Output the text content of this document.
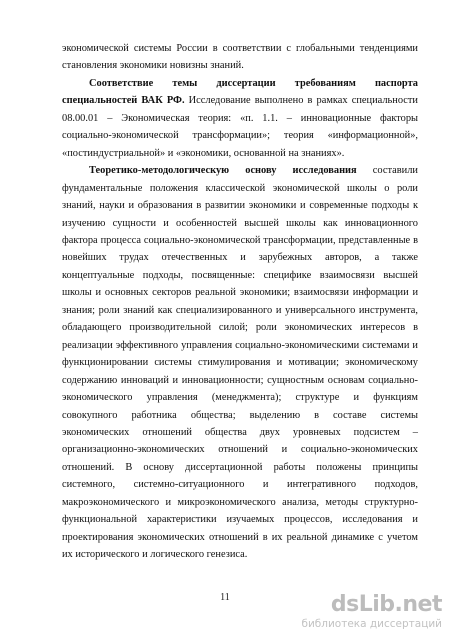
экономической системы России в соответствии с глобальными тенденциями становления экономики новизны знаний.

Соответствие темы диссертации требованиям паспорта специальностей ВАК РФ. Исследование выполнено в рамках специальности 08.00.01 – Экономическая теория: «п. 1.1. – инновационные факторы социально-экономической трансформации»; теория «информационной», «постиндустриальной» и «экономики, основанной на знаниях».

Теоретико-методологическую основу исследования составили фундаментальные положения классической экономической школы о роли знаний, науки и образования в развитии экономики и современные подходы к изучению сущности и особенностей высшей школы как инновационного фактора процесса социально-экономической трансформации, представленные в новейших трудах отечественных и зарубежных авторов, а также концептуальные подходы, посвященные: специфике взаимосвязи высшей школы и основных секторов реальной экономики; взаимосвязи информации и знания; роли знаний как специализированного и универсального инструмента, обладающего производительной силой; роли экономических интересов в реализации эффективного управления социально-экономическими системами и функционировании системы стимулирования и мотивации; экономическому содержанию инноваций и инновационности; сущностным основам социально-экономического управления (менеджмента); структуре и функциям совокупного работника общества; выделению в составе системы экономических отношений общества двух уровневых подсистем – организационно-экономических отношений и социально-экономических отношений. В основу диссертационной работы положены принципы системного, системно-ситуационного и интегративного подходов, макроэкономического и микроэкономического анализа, методы структурно-функциональной характеристики изучаемых процессов, исследования и проектирования экономических отношений в их реальной динамике с учетом их исторического и логического генезиса.

11	dsLib.net
библиотека диссертаций
